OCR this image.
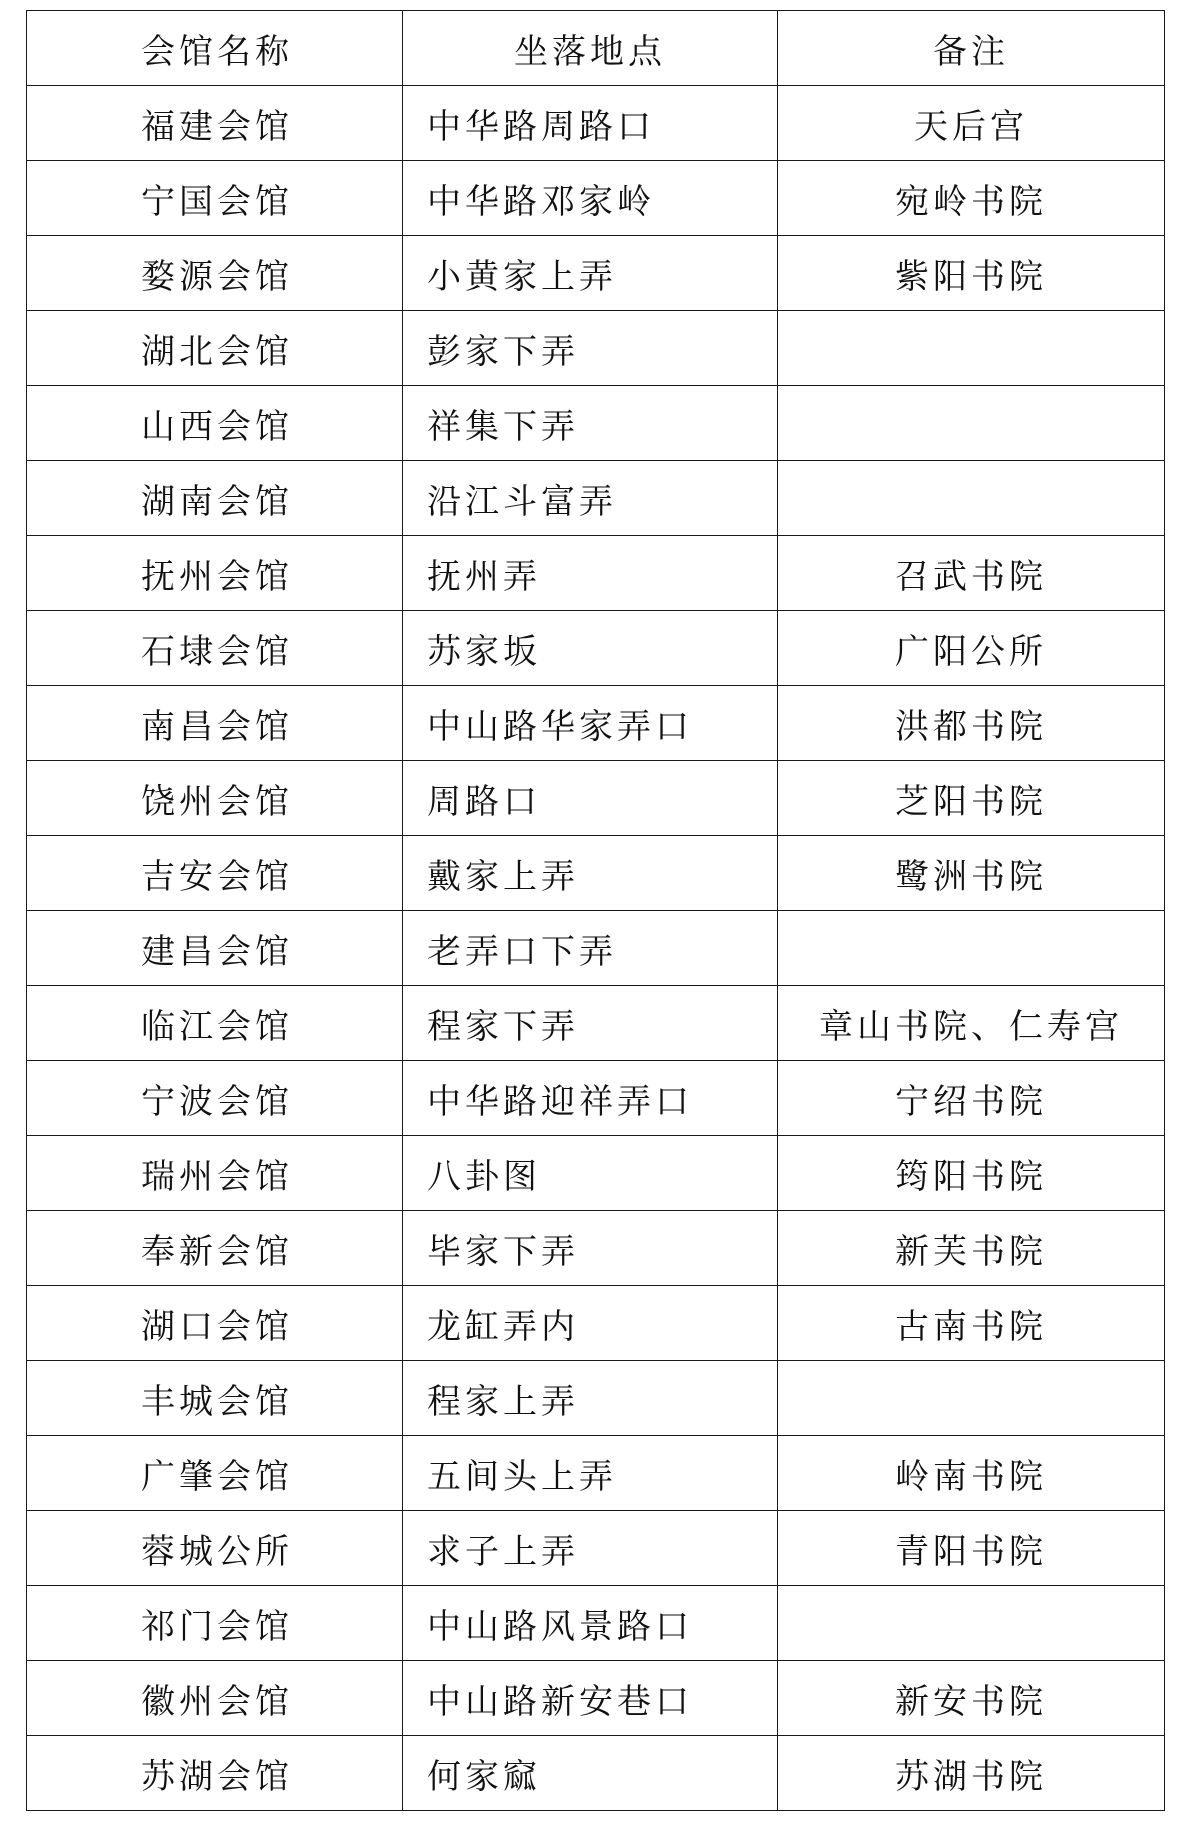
会馆名称	坐落地点	备注
福建会馆	中华路周路口	天后宫
宁国会馆	中华路邓家岭	宛岭书院
婺源会馆	小黄家上弄	紫阳书院
湖北会馆	彭家下弄	
山西会馆	祥集下弄	
湖南会馆	沿江斗富弄	
抚州会馆	抚州弄	召武书院
石埭会馆	苏家坂	广阳公所
南昌会馆	中山路华家弄口	洪都书院
饶州会馆	周路口	芝阳书院
吉安会馆	戴家上弄	鹭洲书院
建昌会馆	老弄口下弄	
临江会馆	程家下弄	章山书院、仁寿宫
宁波会馆	中华路迎祥弄口	宁绍书院
瑞州会馆	八卦图	筠阳书院
奉新会馆	毕家下弄	新芙书院
湖口会馆	龙缸弄内	古南书院
丰城会馆	程家上弄	
广肇会馆	五间头上弄	岭南书院
蓉城公所	求子上弄	青阳书院
祁门会馆	中山路风景路口	
徽州会馆	中山路新安巷口	新安书院
苏湖会馆	何家窳	苏湖书院
